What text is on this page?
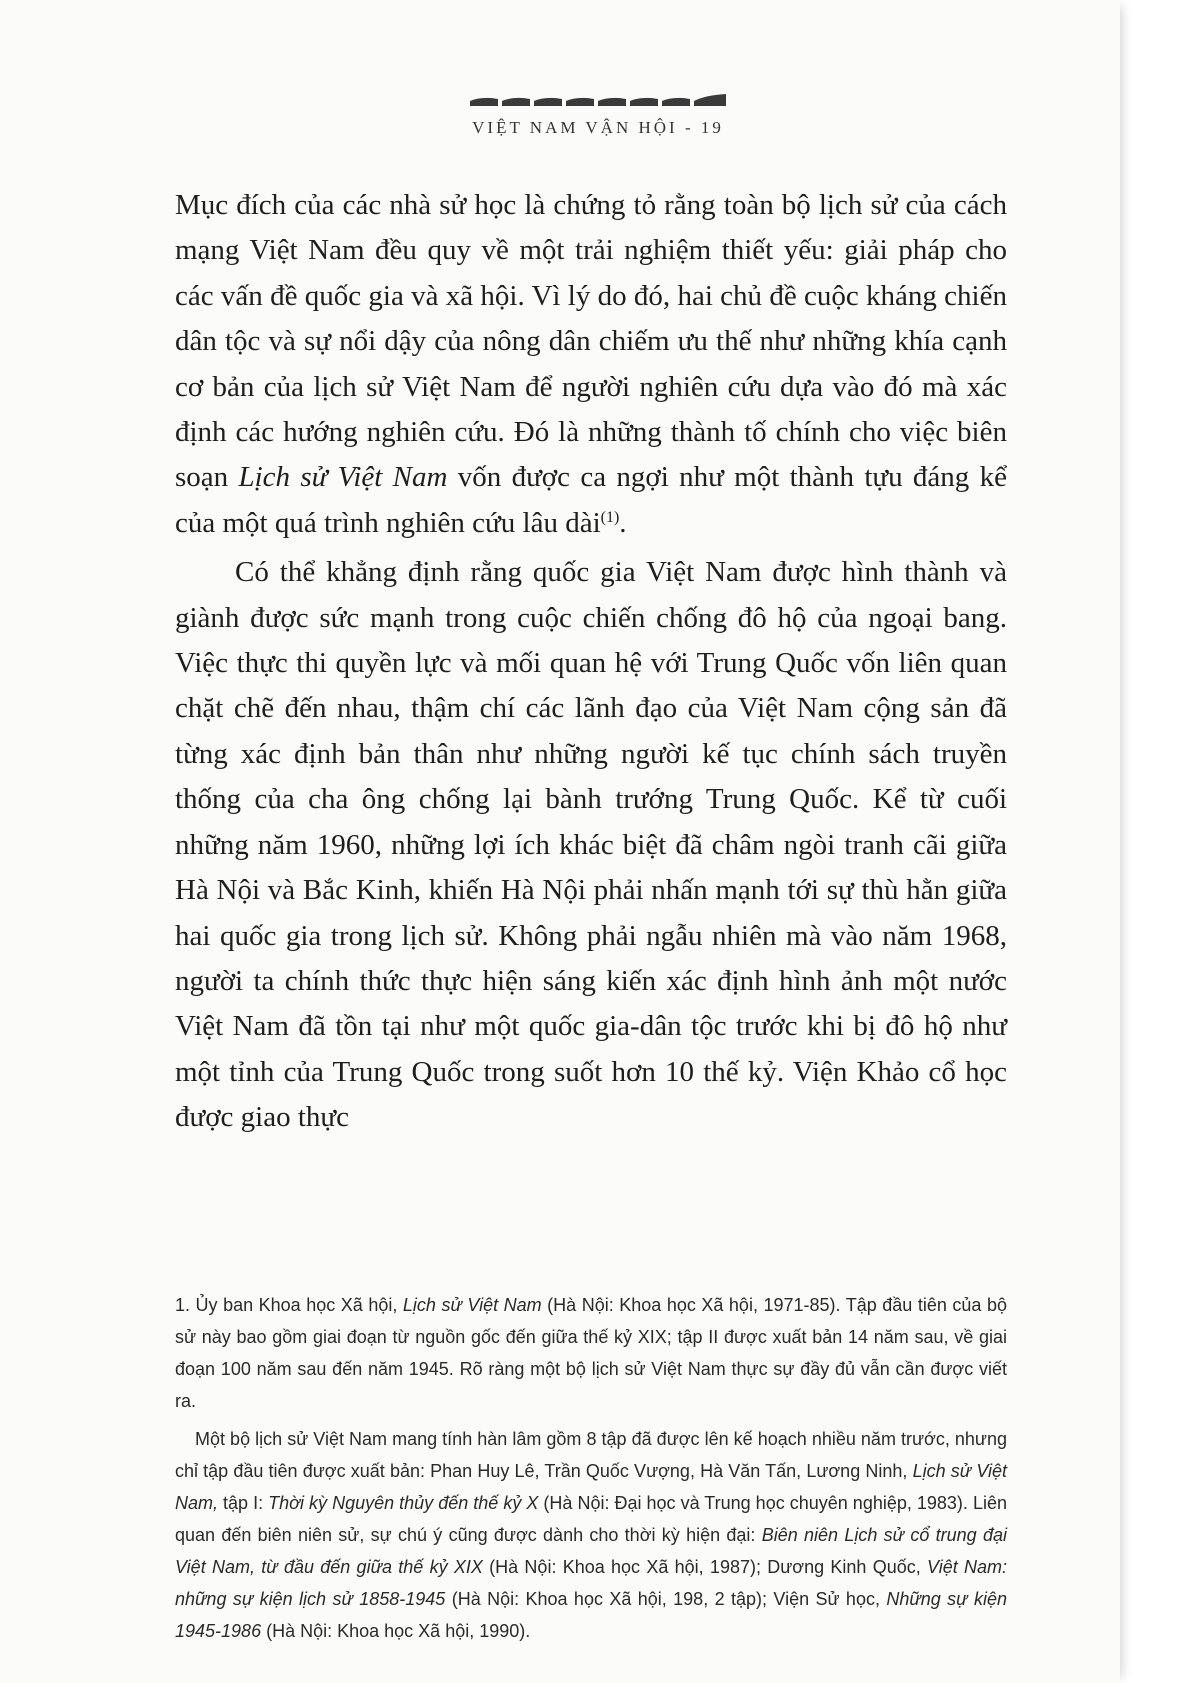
VIỆT NAM VẬN HỘI - 19

Mục đích của các nhà sử học là chứng tỏ rằng toàn bộ lịch sử của cách mạng Việt Nam đều quy về một trải nghiệm thiết yếu: giải pháp cho các vấn đề quốc gia và xã hội. Vì lý do đó, hai chủ đề cuộc kháng chiến dân tộc và sự nổi dậy của nông dân chiếm ưu thế như những khía cạnh cơ bản của lịch sử Việt Nam để người nghiên cứu dựa vào đó mà xác định các hướng nghiên cứu. Đó là những thành tố chính cho việc biên soạn Lịch sử Việt Nam vốn được ca ngợi như một thành tựu đáng kể của một quá trình nghiên cứu lâu dài$^{(1)}$.

Có thể khẳng định rằng quốc gia Việt Nam được hình thành và giành được sức mạnh trong cuộc chiến chống đô hộ của ngoại bang. Việc thực thi quyền lực và mối quan hệ với Trung Quốc vốn liên quan chặt chẽ đến nhau, thậm chí các lãnh đạo của Việt Nam cộng sản đã từng xác định bản thân như những người kế tục chính sách truyền thống của cha ông chống lại bành trướng Trung Quốc. Kể từ cuối những năm 1960, những lợi ích khác biệt đã châm ngòi tranh cãi giữa Hà Nội và Bắc Kinh, khiến Hà Nội phải nhấn mạnh tới sự thù hằn giữa hai quốc gia trong lịch sử. Không phải ngẫu nhiên mà vào năm 1968, người ta chính thức thực hiện sáng kiến xác định hình ảnh một nước Việt Nam đã tồn tại như một quốc gia-dân tộc trước khi bị đô hộ như một tỉnh của Trung Quốc trong suốt hơn 10 thế kỷ. Viện Khảo cổ học được giao thực

1. Ủy ban Khoa học Xã hội, Lịch sử Việt Nam (Hà Nội: Khoa học Xã hội, 1971-85). Tập đầu tiên của bộ sử này bao gồm giai đoạn từ nguồn gốc đến giữa thế kỷ XIX; tập II được xuất bản 14 năm sau, về giai đoạn 100 năm sau đến năm 1945. Rõ ràng một bộ lịch sử Việt Nam thực sự đầy đủ vẫn cần được viết ra.

Một bộ lịch sử Việt Nam mang tính hàn lâm gồm 8 tập đã được lên kế hoạch nhiều năm trước, nhưng chỉ tập đầu tiên được xuất bản: Phan Huy Lê, Trần Quốc Vượng, Hà Văn Tấn, Lương Ninh, Lịch sử Việt Nam, tập I: Thời kỳ Nguyên thủy đến thế kỷ X (Hà Nội: Đại học và Trung học chuyên nghiệp, 1983). Liên quan đến biên niên sử, sự chú ý cũng được dành cho thời kỳ hiện đại: Biên niên Lịch sử cổ trung đại Việt Nam, từ đầu đến giữa thế kỷ XIX (Hà Nội: Khoa học Xã hội, 1987); Dương Kinh Quốc, Việt Nam: những sự kiện lịch sử 1858-1945 (Hà Nội: Khoa học Xã hội, 198, 2 tập); Viện Sử học, Những sự kiện 1945-1986 (Hà Nội: Khoa học Xã hội, 1990).
